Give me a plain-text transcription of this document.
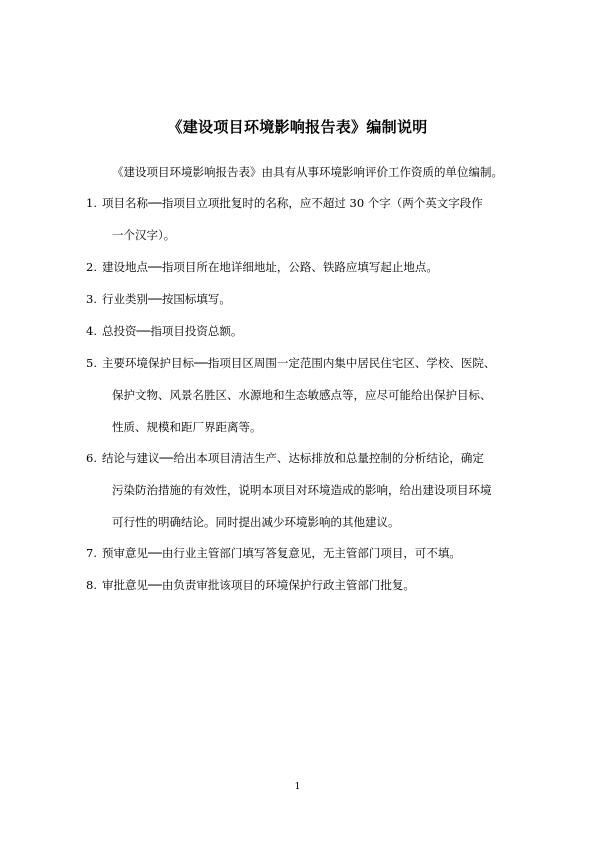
《建设项目环境影响报告表》编制说明
《建设项目环境影响报告表》由具有从事环境影响评价工作资质的单位编制。
1. 项目名称──指项目立项批复时的名称，应不超过 30 个字（两个英文字段作
一个汉字）。
2. 建设地点──指项目所在地详细地址，公路、铁路应填写起止地点。
3. 行业类别──按国标填写。
4. 总投资──指项目投资总额。
5. 主要环境保护目标──指项目区周围一定范围内集中居民住宅区、学校、医院、
保护文物、风景名胜区、水源地和生态敏感点等，应尽可能给出保护目标、
性质、规模和距厂界距离等。
6. 结论与建议──给出本项目清洁生产、达标排放和总量控制的分析结论，确定
污染防治措施的有效性，说明本项目对环境造成的影响，给出建设项目环境
可行性的明确结论。同时提出减少环境影响的其他建议。
7. 预审意见──由行业主管部门填写答复意见，无主管部门项目，可不填。
8. 审批意见──由负责审批该项目的环境保护行政主管部门批复。
1
